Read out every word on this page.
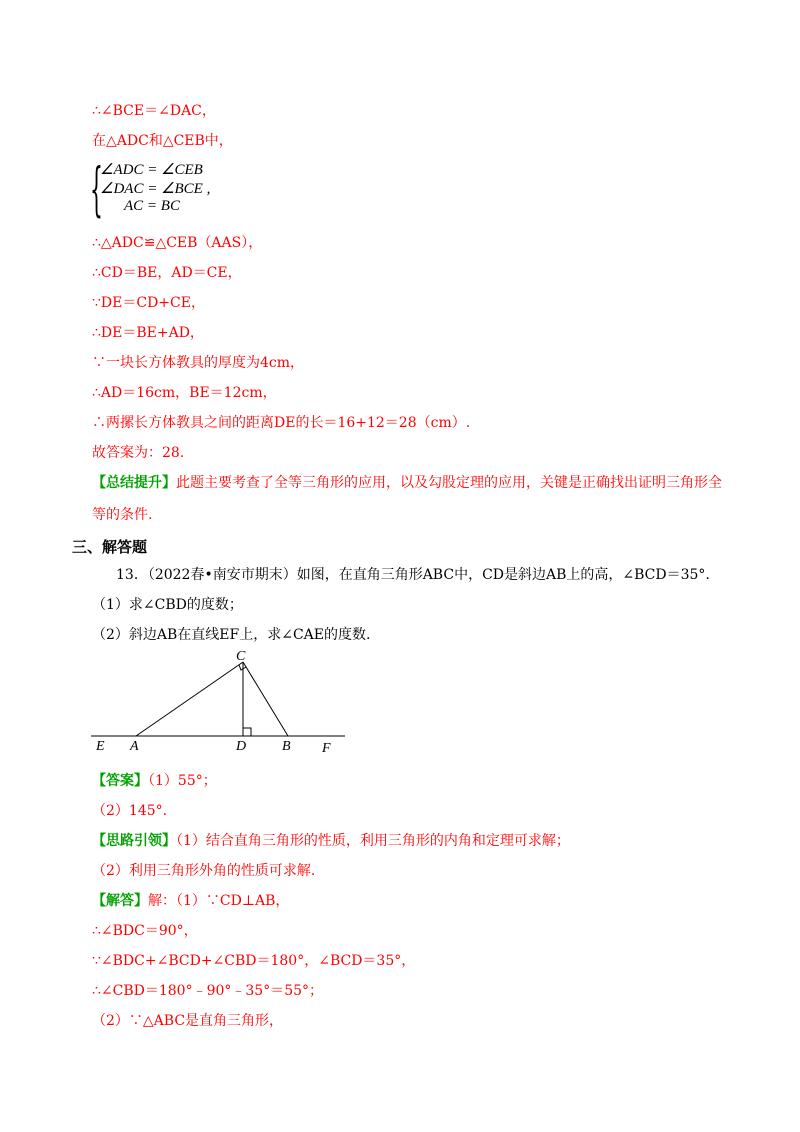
∴∠BCE＝∠DAC，
在△ADC和△CEB中，
{
∠ADC = ∠CEB
∠DAC = ∠BCE ,
AC = BC
∴△ADC≌△CEB（AAS），
∴CD＝BE，AD＝CE，
∵DE＝CD+CE，
∴DE＝BE+AD，
∵一块长方体教具的厚度为4cm，
∴AD＝16cm，BE＝12cm，
∴两摞长方体教具之间的距离DE的长＝16+12＝28（cm）.
故答案为：28.
【总结提升】此题主要考查了全等三角形的应用，以及勾股定理的应用，关键是正确找出证明三角形全
等的条件.
三、解答题
13．（2022春•南安市期末）如图，在直角三角形ABC中，CD是斜边AB上的高，∠BCD＝35°.
（1）求∠CBD的度数；
（2）斜边AB在直线EF上，求∠CAE的度数.
C
E A	D	B F
【答案】（1）55°；
（2）145°.
【思路引领】（1）结合直角三角形的性质，利用三角形的内角和定理可求解；
（2）利用三角形外角的性质可求解.
【解答】解：（1）∵CD⊥AB，
∴∠BDC＝90°，
∵∠BDC+∠BCD+∠CBD＝180°，∠BCD＝35°，
∴∠CBD＝180°﹣90°﹣35°＝55°；
（2）∵△ABC是直角三角形，
